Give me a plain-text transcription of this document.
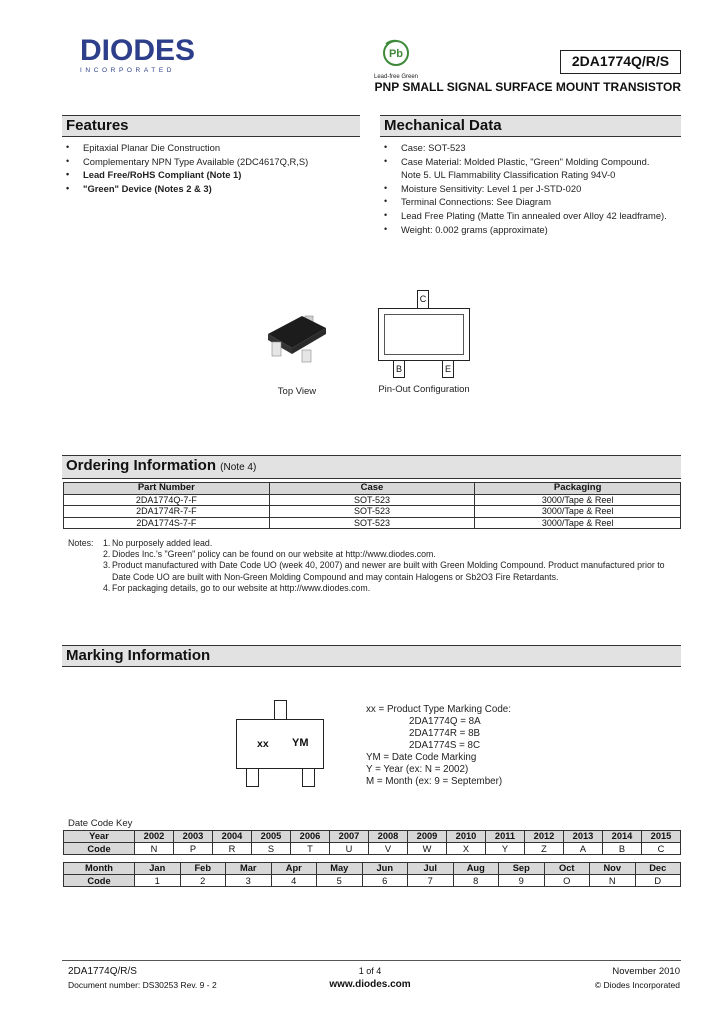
DIODES
INCORPORATED
Pb
Lead-free Green
2DA1774Q/R/S
PNP SMALL SIGNAL SURFACE MOUNT TRANSISTOR
Features
• Epitaxial Planar Die Construction
• Complementary NPN Type Available (2DC4617Q,R,S)
• Lead Free/RoHS Compliant (Note 1)
• "Green" Device (Notes 2 & 3)
Mechanical Data
• Case: SOT-523
• Case Material: Molded Plastic, "Green" Molding Compound.
Note 5. UL Flammability Classification Rating 94V-0
• Moisture Sensitivity: Level 1 per J-STD-020
• Terminal Connections: See Diagram
• Lead Free Plating (Matte Tin annealed over Alloy 42 leadframe).
• Weight: 0.002 grams (approximate)
Top View
C
B	E
Pin-Out Configuration
Ordering Information (Note 4)
Part Number	Case	Packaging
2DA1774Q-7-F	SOT-523	3000/Tape & Reel
2DA1774R-7-F	SOT-523	3000/Tape & Reel
2DA1774S-7-F	SOT-523	3000/Tape & Reel
Notes:	1. No purposely added lead.
2. Diodes Inc.'s "Green" policy can be found on our website at http://www.diodes.com.
3. Product manufactured with Date Code UO (week 40, 2007) and newer are built with Green Molding Compound. Product manufactured prior to Date Code UO are built with Non-Green Molding Compound and may contain Halogens or Sb2O3 Fire Retardants.
4. For packaging details, go to our website at http://www.diodes.com.
Marking Information
xx YM
xx = Product Type Marking Code:
2DA1774Q = 8A
2DA1774R = 8B
2DA1774S = 8C
YM = Date Code Marking
Y = Year (ex: N = 2002)
M = Month (ex: 9 = September)
Date Code Key
Year	2002	2003	2004	2005	2006	2007	2008	2009	2010	2011	2012	2013	2014	2015
Code	N	P	R	S	T	U	V	W	X	Y	Z	A	B	C
Month	Jan	Feb	Mar	Apr	May	Jun	Jul	Aug	Sep	Oct	Nov	Dec
Code	1	2	3	4	5	6	7	8	9	O	N	D
2DA1774Q/R/S
Document number: DS30253 Rev. 9 - 2
1 of 4
www.diodes.com
November 2010
© Diodes Incorporated
